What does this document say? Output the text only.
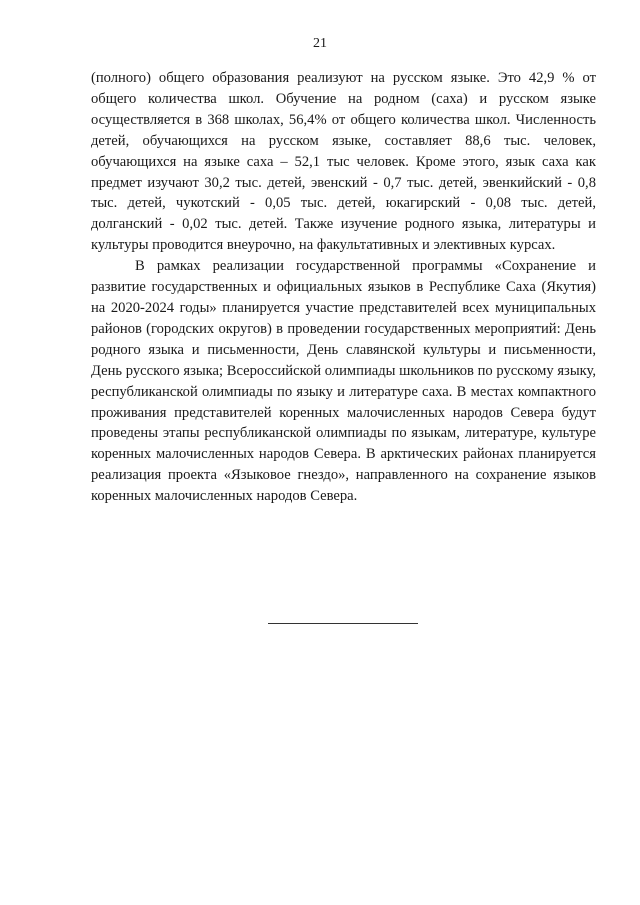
21

(полного) общего образования реализуют на русском языке. Это 42,9 % от общего количества школ. Обучение на родном (саха) и русском языке осуществляется в 368 школах, 56,4% от общего количества школ. Численность детей, обучающихся на русском языке, составляет 88,6 тыс. человек, обучающихся на языке саха – 52,1 тыс человек. Кроме этого, язык саха как предмет изучают 30,2 тыс. детей, эвенский - 0,7 тыс. детей, эвенкийский - 0,8 тыс. детей, чукотский - 0,05 тыс. детей, юкагирский - 0,08 тыс. детей, долганский - 0,02 тыс. детей. Также изучение родного языка, литературы и культуры проводится внеурочно, на факультативных и элективных курсах.

В рамках реализации государственной программы «Сохранение и развитие государственных и официальных языков в Республике Саха (Якутия) на 2020-2024 годы» планируется участие представителей всех муниципальных районов (городских округов) в проведении государственных мероприятий: День родного языка и письменности, День славянской культуры и письменности, День русского языка; Всероссийской олимпиады школьников по русскому языку, республиканской олимпиады по языку и литературе саха. В местах компактного проживания представителей коренных малочисленных народов Севера будут проведены этапы республиканской олимпиады по языкам, литературе, культуре коренных малочисленных народов Севера. В арктических районах планируется реализация проекта «Языковое гнездо», направленного на сохранение языков коренных малочисленных народов Севера.
